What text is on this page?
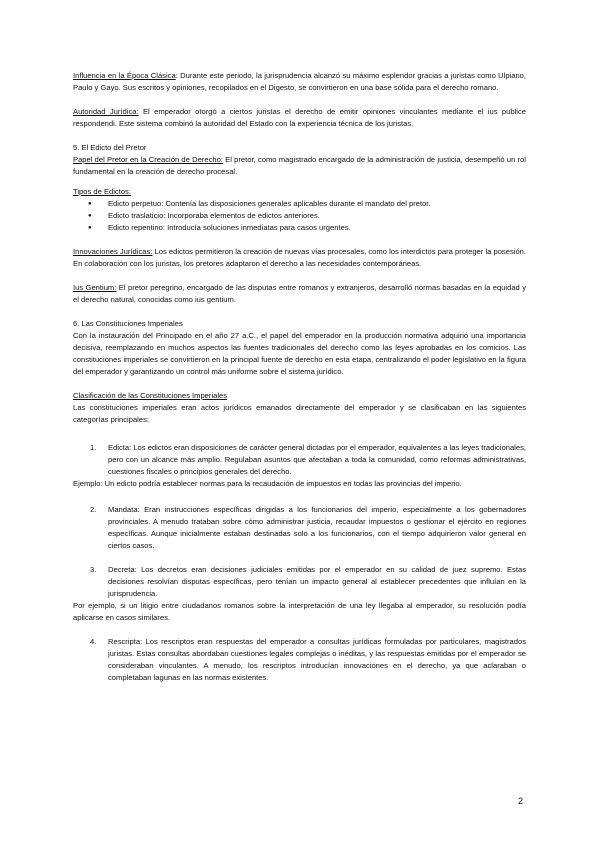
Influencia en la Época Clásica: Durante este periodo, la jurisprudencia alcanzó su máximo esplendor gracias a juristas como Ulpiano, Paulo y Gayo. Sus escritos y opiniones, recopilados en el Digesto, se convirtieron en una base sólida para el derecho romano.

Autoridad Jurídica: El emperador otorgó a ciertos juristas el derecho de emitir opiniones vinculantes mediante el ius publice respondendi. Este sistema combinó la autoridad del Estado con la experiencia técnica de los juristas.

5. El Edicto del Pretor

Papel del Pretor en la Creación de Derecho: El pretor, como magistrado encargado de la administración de justicia, desempeñó un rol fundamental en la creación de derecho procesal.

Tipos de Edictos:

● Edicto perpetuo: Contenía las disposiciones generales aplicables durante el mandato del pretor.
● Edicto traslaticio: Incorporaba elementos de edictos anteriores.
● Edicto repentino: Introducía soluciones inmediatas para casos urgentes.

Innovaciones Jurídicas: Los edictos permitieron la creación de nuevas vías procesales, como los interdictos para proteger la posesión. En colaboración con los juristas, los pretores adaptaron el derecho a las necesidades contemporáneas.

Ius Gentium: El pretor peregrino, encargado de las disputas entre romanos y extranjeros, desarrolló normas basadas en la equidad y el derecho natural, conocidas como ius gentium.

6. Las Constituciones Imperiales

Con la instauración del Principado en el año 27 a.C., el papel del emperador en la producción normativa adquirió una importancia decisiva, reemplazando en muchos aspectos las fuentes tradicionales del derecho como las leyes aprobadas en los comicios. Las constituciones imperiales se convirtieron en la principal fuente de derecho en esta etapa, centralizando el poder legislativo en la figura del emperador y garantizando un control más uniforme sobre el sistema jurídico.

Clasificación de las Constituciones Imperiales

Las constituciones imperiales eran actos jurídicos emanados directamente del emperador y se clasificaban en las siguientes categorías principales:

1. Edicta: Los edictos eran disposiciones de carácter general dictadas por el emperador, equivalentes a las leyes tradicionales, pero con un alcance más amplio. Regulaban asuntos que afectaban a toda la comunidad, como reformas administrativas, cuestiones fiscales o principios generales del derecho.

Ejemplo: Un edicto podría establecer normas para la recaudación de impuestos en todas las provincias del imperio.

2. Mandata: Eran instrucciones específicas dirigidas a los funcionarios del imperio, especialmente a los gobernadores provinciales. A menudo trataban sobre cómo administrar justicia, recaudar impuestos o gestionar el ejército en regiones específicas. Aunque inicialmente estaban destinadas solo a los funcionarios, con el tiempo adquirieron valor general en ciertos casos.
3. Decreta: Los decretos eran decisiones judiciales emitidas por el emperador en su calidad de juez supremo. Estas decisiones resolvían disputas específicas, pero tenían un impacto general al establecer precedentes que influían en la jurisprudencia.

Por ejemplo, si un litigio entre ciudadanos romanos sobre la interpretación de una ley llegaba al emperador, su resolución podía aplicarse en casos similares.

4. Rescripta: Los rescriptos eran respuestas del emperador a consultas jurídicas formuladas por particulares, magistrados juristas. Estas consultas abordaban cuestiones legales complejas o inéditas, y las respuestas emitidas por el emperador se consideraban vinculantes. A menudo, los rescriptos introducían innovaciones en el derecho, ya que aclaraban o completaban lagunas en las normas existentes.
2
